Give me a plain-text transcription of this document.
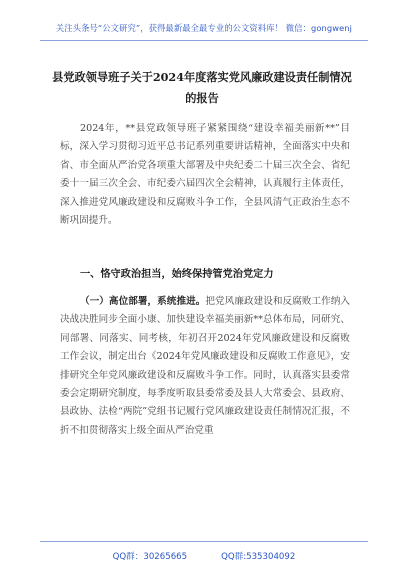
关注头条号“公文研究”，获得最新最全最专业的公文资料库！ 微信：gongwenj
县党政领导班子关于2024年度落实党风廉政建设责任制情况的报告

2024年，**县党政领导班子紧紧围绕“建设幸福美丽新**”目标，深入学习贯彻习近平总书记系列重要讲话精神，全面落实中央和省、市全面从严治党各项重大部署及中央纪委二十届三次全会、省纪委十一届三次全会、市纪委六届四次全会精神，认真履行主体责任，深入推进党风廉政建设和反腐败斗争工作，全县风清气正政治生态不断巩固提升。

一、恪守政治担当，始终保持管党治党定力

（一）高位部署，系统推进。把党风廉政建设和反腐败工作纳入决战决胜同步全面小康、加快建设幸福美丽新**总体布局，同研究、同部署、同落实、同考核，年初召开2024年党风廉政建设和反腐败工作会议，制定出台《2024年党风廉政建设和反腐败工作意见》，安排研究全年党风廉政建设和反腐败斗争工作。同时，认真落实县委常委会定期研究制度，每季度听取县委常委及县人大常委会、县政府、县政协、法检“两院”党组书记履行党风廉政建设责任制情况汇报，不折不扣贯彻落实上级全面从严治党重

QQ群：30265665	QQ群:535304092
